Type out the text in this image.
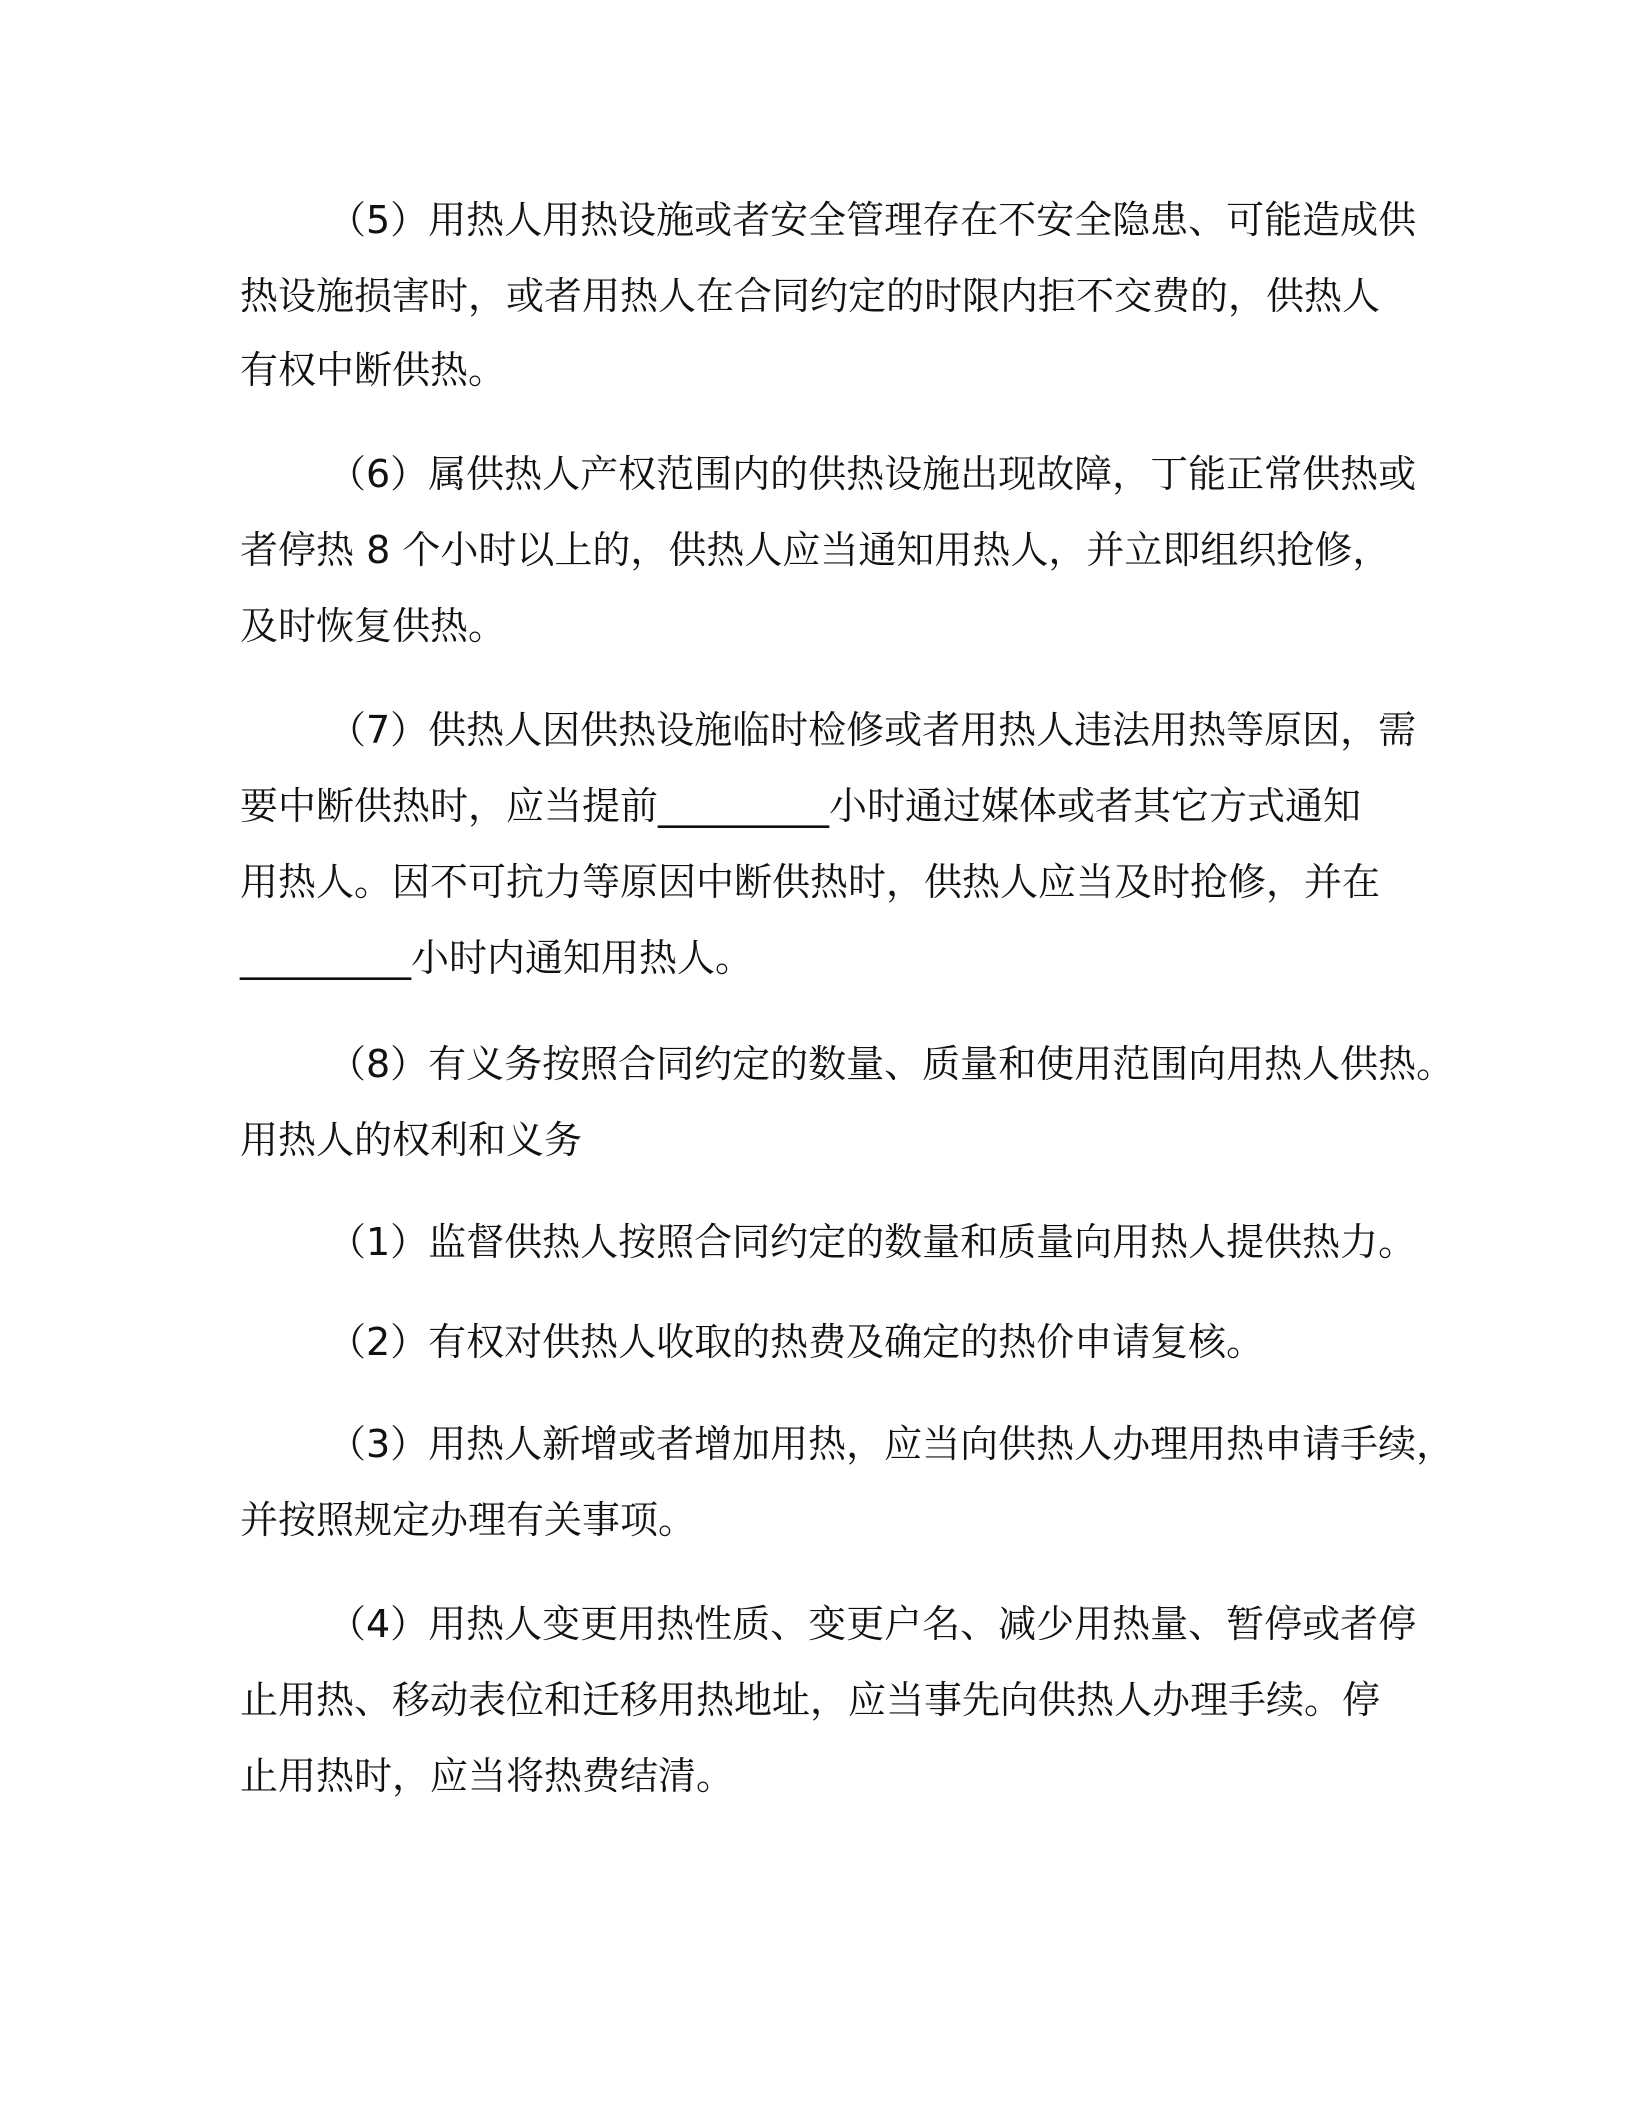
（5）用热人用热设施或者安全管理存在不安全隐患、可能造成供
热设施损害时，或者用热人在合同约定的时限内拒不交费的，供热人
有权中断供热。
（6）属供热人产权范围内的供热设施出现故障，丁能正常供热或
者停热 8 个小时以上的，供热人应当通知用热人，并立即组织抢修，
及时恢复供热。
（7）供热人因供热设施临时检修或者用热人违法用热等原因，需
要中断供热时，应当提前_________小时通过媒体或者其它方式通知
用热人。因不可抗力等原因中断供热时，供热人应当及时抢修，并在
_________小时内通知用热人。
（8）有义务按照合同约定的数量、质量和使用范围向用热人供热。
用热人的权利和义务
（1）监督供热人按照合同约定的数量和质量向用热人提供热力。
（2）有权对供热人收取的热费及确定的热价申请复核。
（3）用热人新增或者增加用热，应当向供热人办理用热申请手续，
并按照规定办理有关事项。
（4）用热人变更用热性质、变更户名、减少用热量、暂停或者停
止用热、移动表位和迁移用热地址，应当事先向供热人办理手续。停
止用热时，应当将热费结清。
